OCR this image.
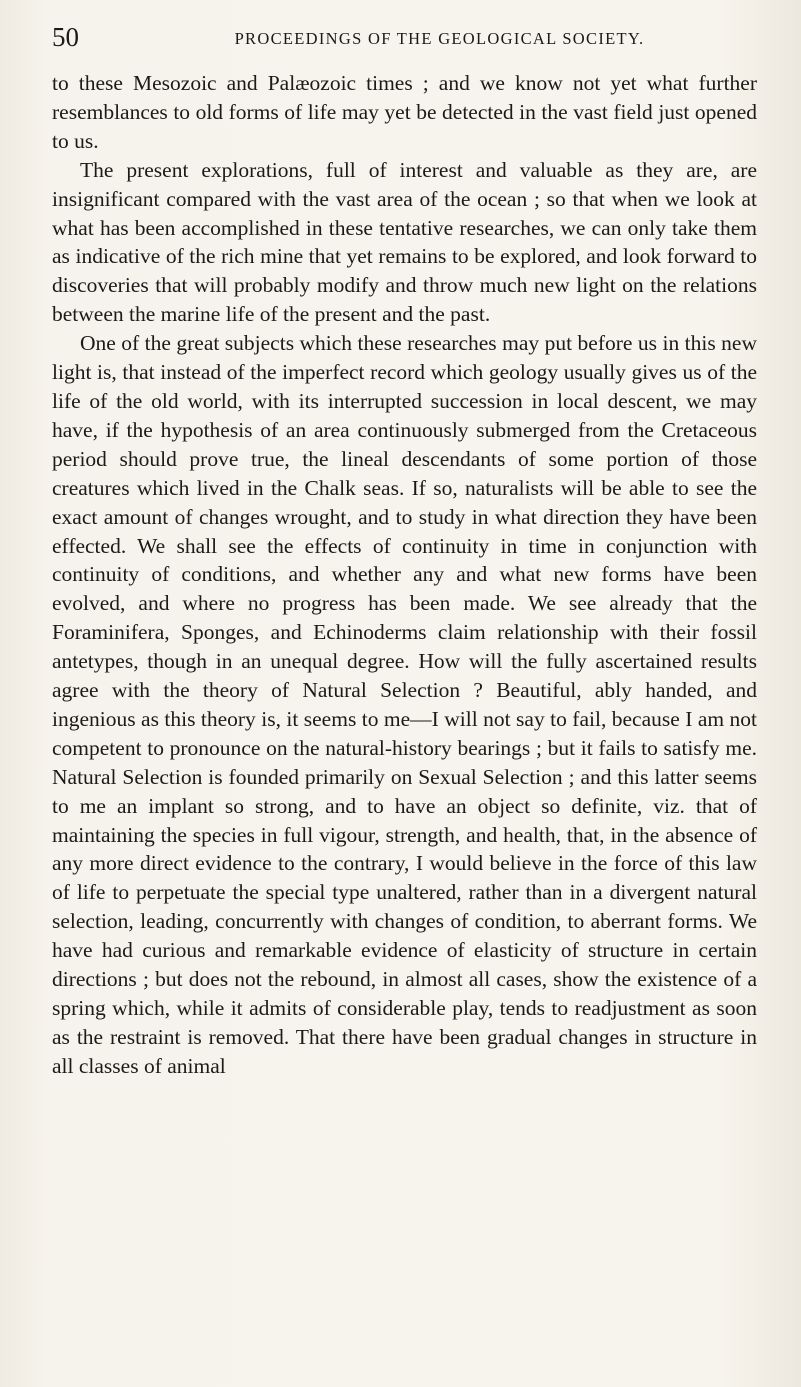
50	PROCEEDINGS OF THE GEOLOGICAL SOCIETY.

to these Mesozoic and Palæozoic times ; and we know not yet what further resemblances to old forms of life may yet be detected in the vast field just opened to us.

The present explorations, full of interest and valuable as they are, are insignificant compared with the vast area of the ocean ; so that when we look at what has been accomplished in these tentative researches, we can only take them as indicative of the rich mine that yet remains to be explored, and look forward to discoveries that will probably modify and throw much new light on the relations between the marine life of the present and the past.

One of the great subjects which these researches may put before us in this new light is, that instead of the imperfect record which geology usually gives us of the life of the old world, with its interrupted succession in local descent, we may have, if the hypothesis of an area continuously submerged from the Cretaceous period should prove true, the lineal descendants of some portion of those creatures which lived in the Chalk seas. If so, naturalists will be able to see the exact amount of changes wrought, and to study in what direction they have been effected. We shall see the effects of continuity in time in conjunction with continuity of conditions, and whether any and what new forms have been evolved, and where no progress has been made. We see already that the Foraminifera, Sponges, and Echinoderms claim relationship with their fossil antetypes, though in an unequal degree. How will the fully ascertained results agree with the theory of Natural Selection ? Beautiful, ably handed, and ingenious as this theory is, it seems to me—I will not say to fail, because I am not competent to pronounce on the natural-history bearings ; but it fails to satisfy me. Natural Selection is founded primarily on Sexual Selection ; and this latter seems to me an implant so strong, and to have an object so definite, viz. that of maintaining the species in full vigour, strength, and health, that, in the absence of any more direct evidence to the contrary, I would believe in the force of this law of life to perpetuate the special type unaltered, rather than in a divergent natural selection, leading, concurrently with changes of condition, to aberrant forms. We have had curious and remarkable evidence of elasticity of structure in certain directions ; but does not the rebound, in almost all cases, show the existence of a spring which, while it admits of considerable play, tends to readjustment as soon as the restraint is removed. That there have been gradual changes in structure in all classes of animal
